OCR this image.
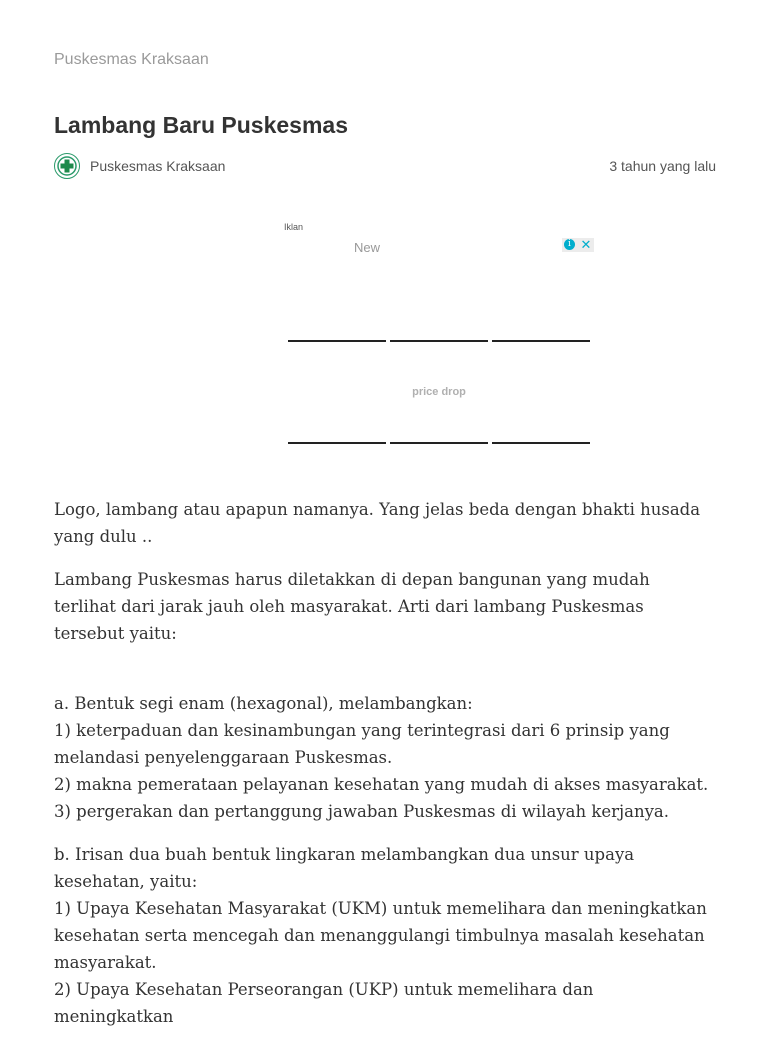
Puskesmas Kraksaan
Lambang Baru Puskesmas
Puskesmas Kraksaan	3 tahun yang lalu
Iklan
New	i ✕
price drop

Logo, lambang atau apapun namanya. Yang jelas beda dengan bhakti husada yang dulu ..

Lambang Puskesmas harus diletakkan di depan bangunan yang mudah terlihat dari jarak jauh oleh masyarakat. Arti dari lambang Puskesmas tersebut yaitu:

a. Bentuk segi enam (hexagonal), melambangkan:
1) keterpaduan dan kesinambungan yang terintegrasi dari 6 prinsip yang melandasi penyelenggaraan Puskesmas.
2) makna pemerataan pelayanan kesehatan yang mudah di akses masyarakat.
3) pergerakan dan pertanggung jawaban Puskesmas di wilayah kerjanya.
b. Irisan dua buah bentuk lingkaran melambangkan dua unsur upaya kesehatan, yaitu:
1) Upaya Kesehatan Masyarakat (UKM) untuk memelihara dan meningkatkan kesehatan serta mencegah dan menanggulangi timbulnya masalah kesehatan masyarakat.
2) Upaya Kesehatan Perseorangan (UKP) untuk memelihara dan meningkatkan
